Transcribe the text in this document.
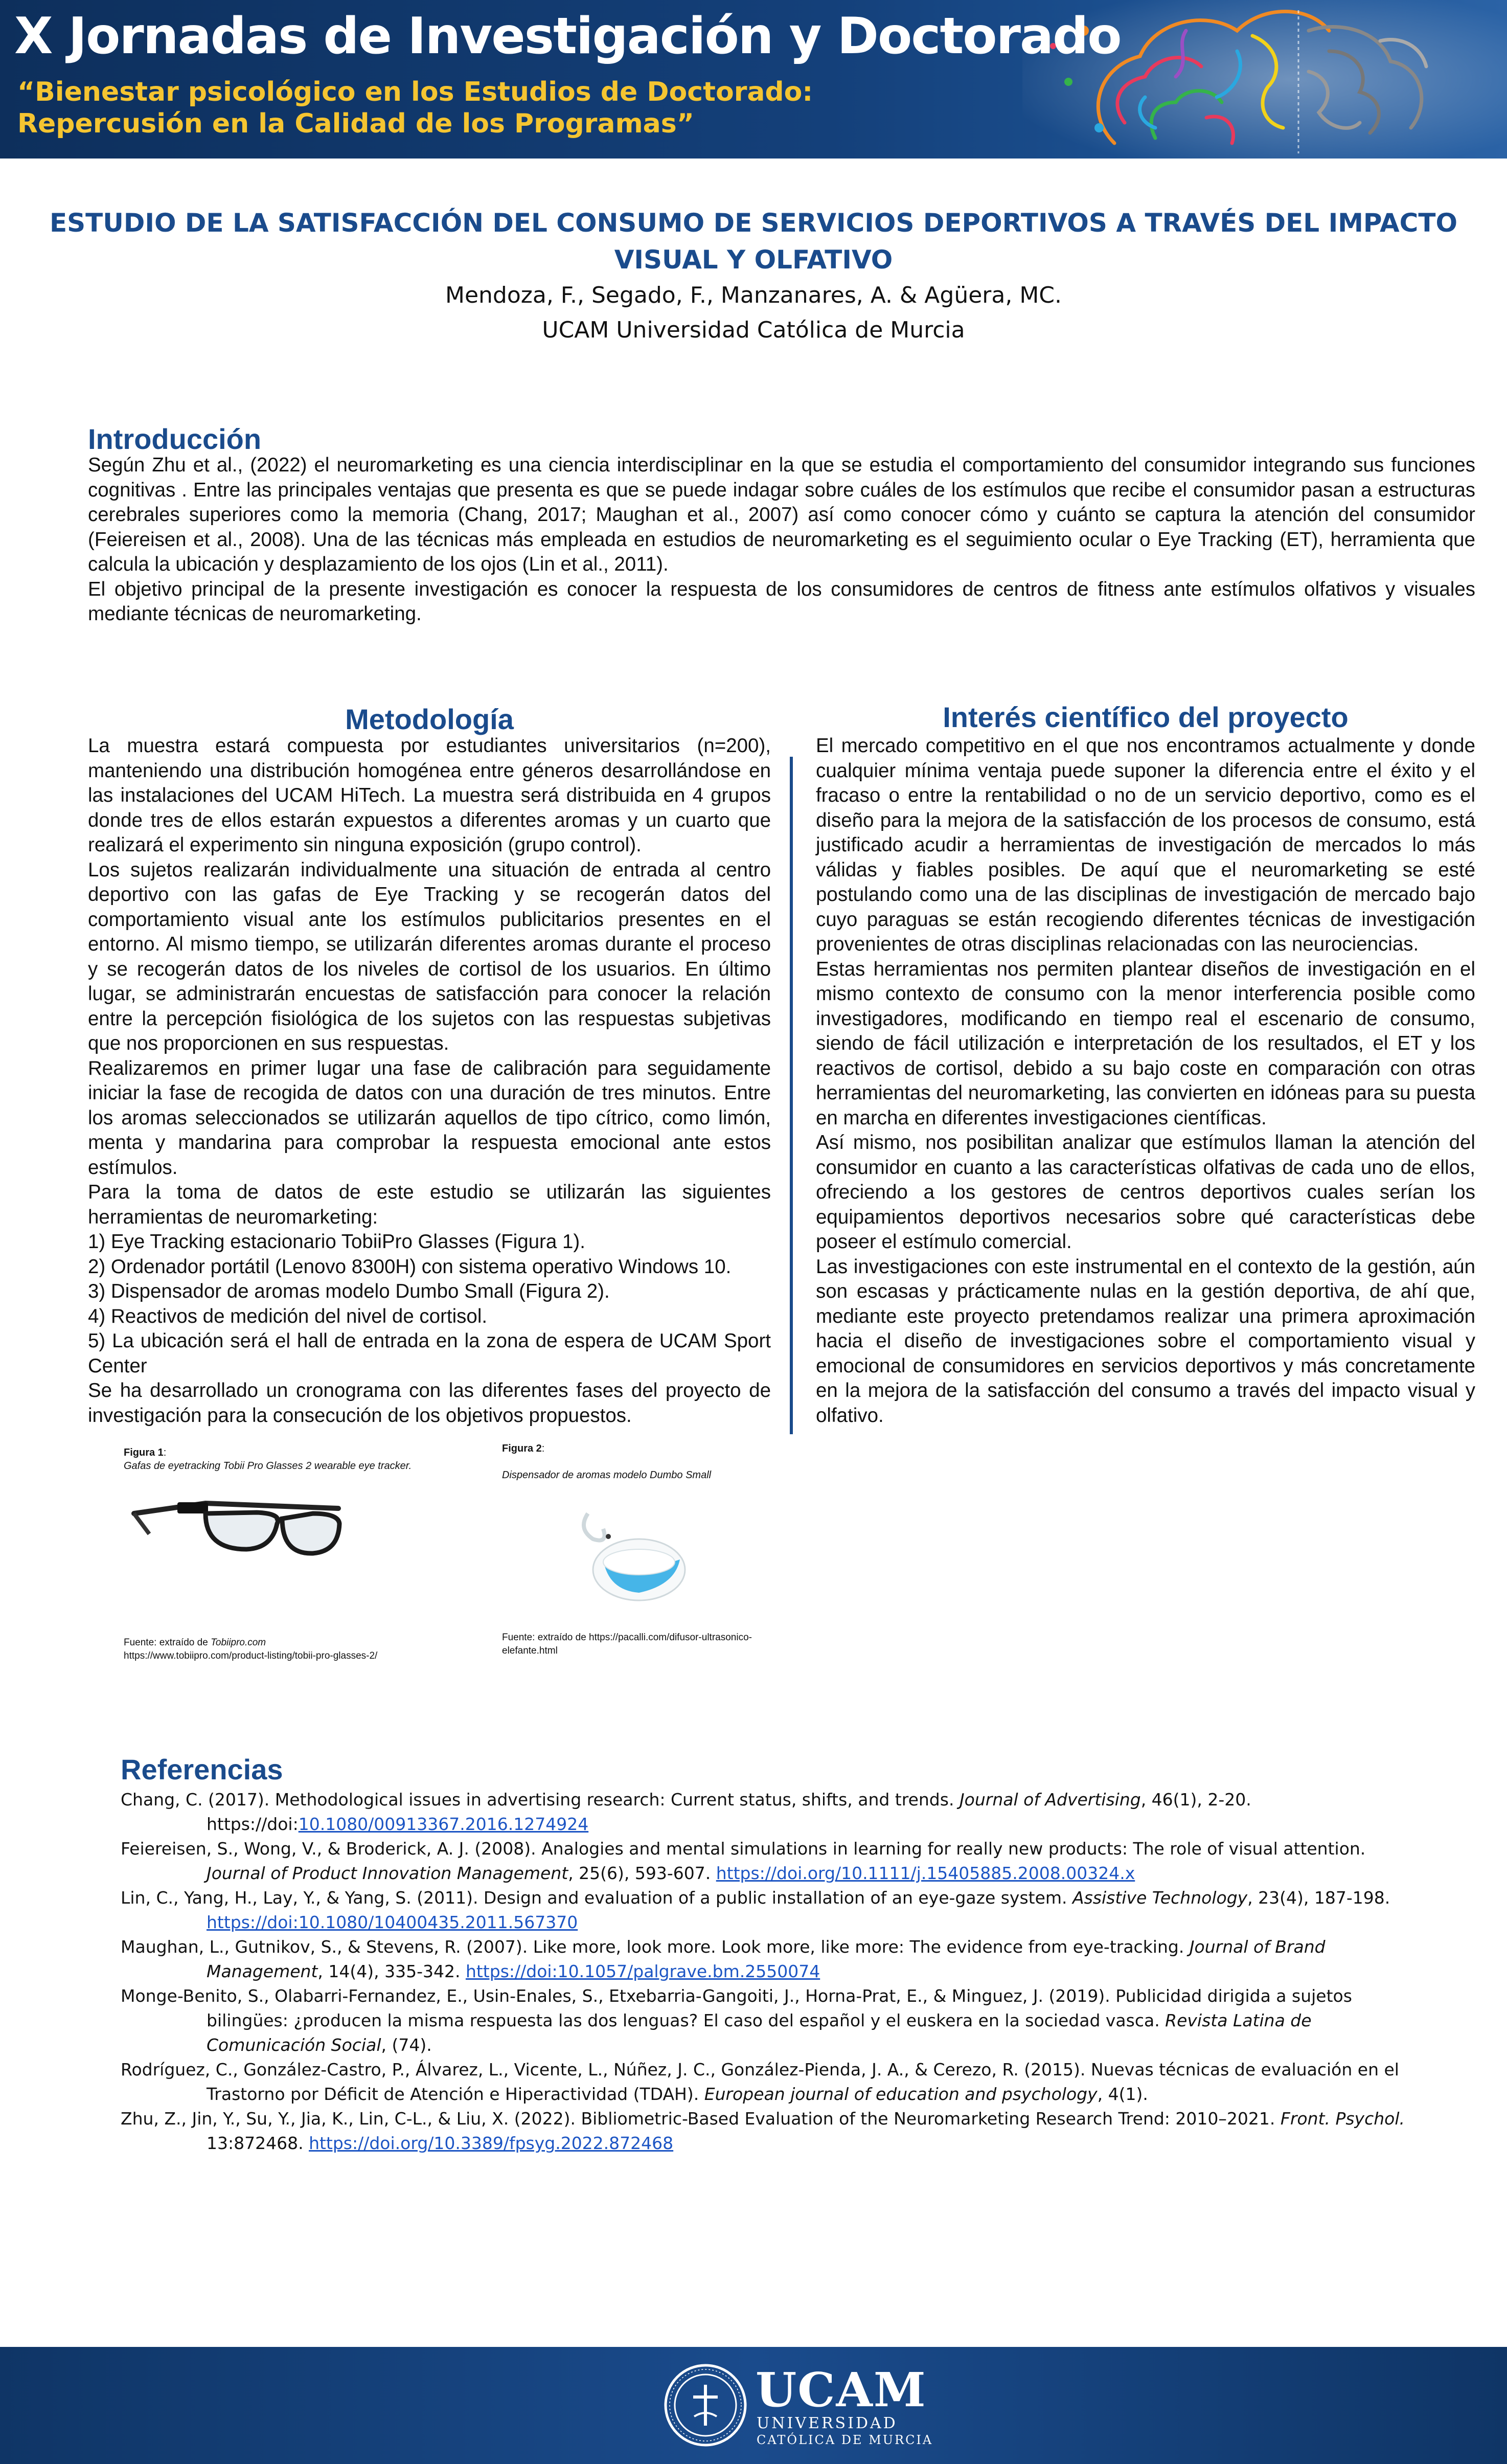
X Jornadas de Investigación y Doctorado
“Bienestar psicológico en los Estudios de Doctorado:
Repercusión en la Calidad de los Programas”
ESTUDIO DE LA SATISFACCIÓN DEL CONSUMO DE SERVICIOS DEPORTIVOS A TRAVÉS DEL IMPACTO
VISUAL Y OLFATIVO
Mendoza, F., Segado, F., Manzanares, A. & Agüera, MC.
UCAM Universidad Católica de Murcia
Introducción

Según Zhu et al., (2022) el neuromarketing es una ciencia interdisciplinar en la que se estudia el comportamiento del consumidor integrando sus funciones cognitivas . Entre las principales ventajas que presenta es que se puede indagar sobre cuáles de los estímulos que recibe el consumidor pasan a estructuras cerebrales superiores como la memoria (Chang, 2017; Maughan et al., 2007) así como conocer cómo y cuánto se captura la atención del consumidor (Feiereisen et al., 2008). Una de las técnicas más empleada en estudios de neuromarketing es el seguimiento ocular o Eye Tracking (ET), herramienta que calcula la ubicación y desplazamiento de los ojos (Lin et al., 2011).

El objetivo principal de la presente investigación es conocer la respuesta de los consumidores de centros de fitness ante estímulos olfativos y visuales mediante técnicas de neuromarketing.

Metodología

La muestra estará compuesta por estudiantes universitarios (n=200), manteniendo una distribución homogénea entre géneros desarrollándose en las instalaciones del UCAM HiTech. La muestra será distribuida en 4 grupos donde tres de ellos estarán expuestos a diferentes aromas y un cuarto que realizará el experimento sin ninguna exposición (grupo control).

Los sujetos realizarán individualmente una situación de entrada al centro deportivo con las gafas de Eye Tracking y se recogerán datos del comportamiento visual ante los estímulos publicitarios presentes en el entorno. Al mismo tiempo, se utilizarán diferentes aromas durante el proceso y se recogerán datos de los niveles de cortisol de los usuarios. En último lugar, se administrarán encuestas de satisfacción para conocer la relación entre la percepción fisiológica de los sujetos con las respuestas subjetivas que nos proporcionen en sus respuestas.

Realizaremos en primer lugar una fase de calibración para seguidamente iniciar la fase de recogida de datos con una duración de tres minutos. Entre los aromas seleccionados se utilizarán aquellos de tipo cítrico, como limón, menta y mandarina para comprobar la respuesta emocional ante estos estímulos.

Para la toma de datos de este estudio se utilizarán las siguientes herramientas de neuromarketing:

1) Eye Tracking estacionario TobiiPro Glasses (Figura 1).

2) Ordenador portátil (Lenovo 8300H) con sistema operativo Windows 10.

3) Dispensador de aromas modelo Dumbo Small (Figura 2).

4) Reactivos de medición del nivel de cortisol.

5) La ubicación será el hall de entrada en la zona de espera de UCAM Sport Center

Se ha desarrollado un cronograma con las diferentes fases del proyecto de investigación para la consecución de los objetivos propuestos.

Interés científico del proyecto

El mercado competitivo en el que nos encontramos actualmente y donde cualquier mínima ventaja puede suponer la diferencia entre el éxito y el fracaso o entre la rentabilidad o no de un servicio deportivo, como es el diseño para la mejora de la satisfacción de los procesos de consumo, está justificado acudir a herramientas de investigación de mercados lo más válidas y fiables posibles. De aquí que el neuromarketing se esté postulando como una de las disciplinas de investigación de mercado bajo cuyo paraguas se están recogiendo diferentes técnicas de investigación provenientes de otras disciplinas relacionadas con las neurociencias.

Estas herramientas nos permiten plantear diseños de investigación en el mismo contexto de consumo con la menor interferencia posible como investigadores, modificando en tiempo real el escenario de consumo, siendo de fácil utilización e interpretación de los resultados, el ET y los reactivos de cortisol, debido a su bajo coste en comparación con otras herramientas del neuromarketing, las convierten en idóneas para su puesta en marcha en diferentes investigaciones científicas.

Así mismo, nos posibilitan analizar que estímulos llaman la atención del consumidor en cuanto a las características olfativas de cada uno de ellos, ofreciendo a los gestores de centros deportivos cuales serían los equipamientos deportivos necesarios sobre qué características debe poseer el estímulo comercial.

Las investigaciones con este instrumental en el contexto de la gestión, aún son escasas y prácticamente nulas en la gestión deportiva, de ahí que, mediante este proyecto pretendamos realizar una primera aproximación hacia el diseño de investigaciones sobre el comportamiento visual y emocional de consumidores en servicios deportivos y más concretamente en la mejora de la satisfacción del consumo a través del impacto visual y olfativo.

Figura 1:
Gafas de eyetracking Tobii Pro Glasses 2 wearable eye tracker.
Fuente: extraído de Tobiipro.com
https://www.tobiipro.com/product-listing/tobii-pro-glasses-2/
Figura 2:

Dispensador de aromas modelo Dumbo Small
Fuente: extraído de https://pacalli.com/difusor-ultrasonico-elefante.html
Referencias

Chang, C. (2017). Methodological issues in advertising research: Current status, shifts, and trends. Journal of Advertising, 46(1), 2-20. https://doi:10.1080/00913367.2016.1274924

Feiereisen, S., Wong, V., & Broderick, A. J. (2008). Analogies and mental simulations in learning for really new products: The role of visual attention. Journal of Product Innovation Management, 25(6), 593-607. https://doi.org/10.1111/j.15405885.2008.00324.x

Lin, C., Yang, H., Lay, Y., & Yang, S. (2011). Design and evaluation of a public installation of an eye-gaze system. Assistive Technology, 23(4), 187-198. https://doi:10.1080/10400435.2011.567370

Maughan, L., Gutnikov, S., & Stevens, R. (2007). Like more, look more. Look more, like more: The evidence from eye-tracking. Journal of Brand Management, 14(4), 335-342. https://doi:10.1057/palgrave.bm.2550074

Monge-Benito, S., Olabarri-Fernandez, E., Usin-Enales, S., Etxebarria-Gangoiti, J., Horna-Prat, E., & Minguez, J. (2019). Publicidad dirigida a sujetos bilingües: ¿producen la misma respuesta las dos lenguas? El caso del español y el euskera en la sociedad vasca. Revista Latina de Comunicación Social, (74).

Rodríguez, C., González-Castro, P., Álvarez, L., Vicente, L., Núñez, J. C., González-Pienda, J. A., & Cerezo, R. (2015). Nuevas técnicas de evaluación en el Trastorno por Déficit de Atención e Hiperactividad (TDAH). European journal of education and psychology, 4(1).

Zhu, Z., Jin, Y., Su, Y., Jia, K., Lin, C-L., & Liu, X. (2022). Bibliometric-Based Evaluation of the Neuromarketing Research Trend: 2010–2021. Front. Psychol. 13:872468. https://doi.org/10.3389/fpsyg.2022.872468

UCAM
UNIVERSIDAD
CATÓLICA DE MURCIA
